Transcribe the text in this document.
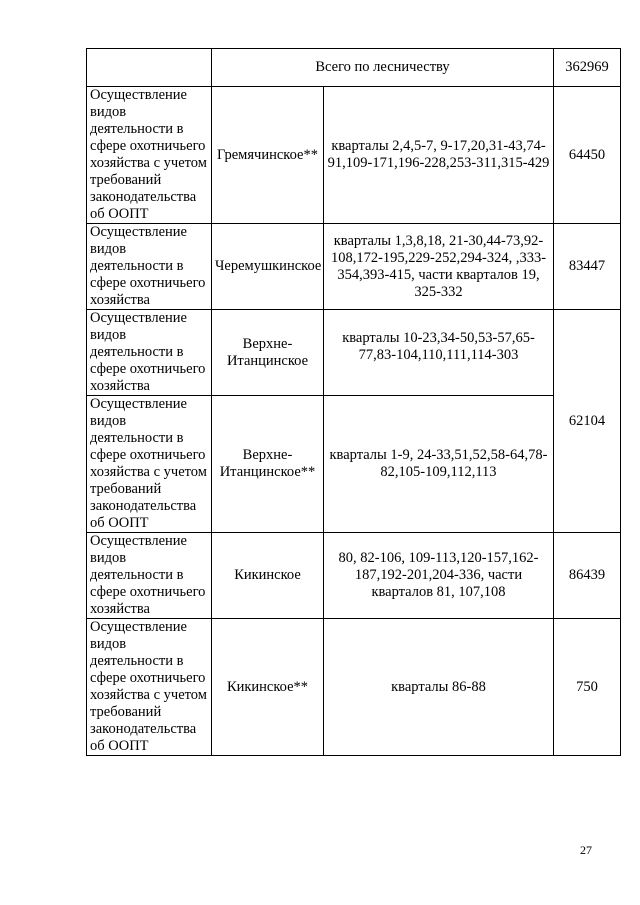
	Всего по лесничеству		362969
Осуществление видов деятельности в сфере охотничьего хозяйства с учетом требований законодательства об ООПТ	Гремячинское**	кварталы 2,4,5-7, 9-17,20,31-43,74-91,109-171,196-228,253-311,315-429	64450
Осуществление видов деятельности в сфере охотничьего хозяйства	Черемушкинское	кварталы 1,3,8,18, 21-30,44-73,92-108,172-195,229-252,294-324, ,333-354,393-415, части кварталов 19, 325-332	83447
Осуществление видов деятельности в сфере охотничьего хозяйства	Верхне-Итанцинское	кварталы 10-23,34-50,53-57,65-77,83-104,110,111,114-303	62104
Осуществление видов деятельности в сфере охотничьего хозяйства с учетом требований законодательства об ООПТ	Верхне-Итанцинское**	кварталы 1-9, 24-33,51,52,58-64,78-82,105-109,112,113	
Осуществление видов деятельности в сфере охотничьего хозяйства	Кикинское	80, 82-106, 109-113,120-157,162-187,192-201,204-336, части кварталов 81, 107,108	86439
Осуществление видов деятельности в сфере охотничьего хозяйства с учетом требований законодательства об ООПТ	Кикинское**	кварталы 86-88	750
27
